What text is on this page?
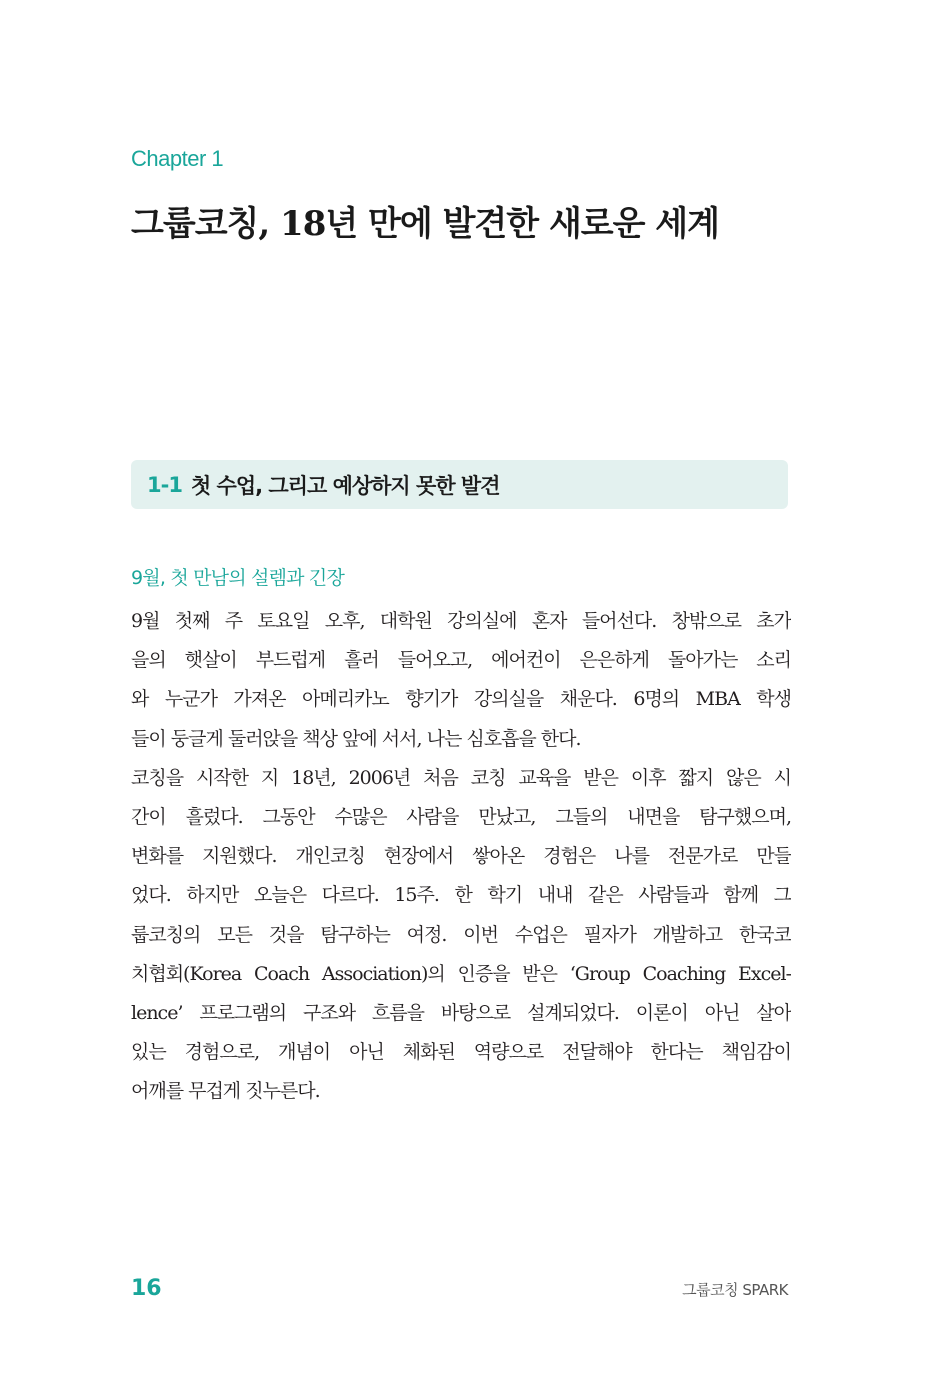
Chapter 1
그룹코칭, 18년 만에 발견한 새로운 세계
1-1 첫 수업, 그리고 예상하지 못한 발견
9월, 첫 만남의 설렘과 긴장
9월 첫째 주 토요일 오후, 대학원 강의실에 혼자 들어선다. 창밖으로 초가
을의 햇살이 부드럽게 흘러 들어오고, 에어컨이 은은하게 돌아가는 소리
와 누군가 가져온 아메리카노 향기가 강의실을 채운다. 6명의 MBA 학생
들이 둥글게 둘러앉을 책상 앞에 서서, 나는 심호흡을 한다.
코칭을 시작한 지 18년, 2006년 처음 코칭 교육을 받은 이후 짧지 않은 시
간이 흘렀다. 그동안 수많은 사람을 만났고, 그들의 내면을 탐구했으며,
변화를 지원했다. 개인코칭 현장에서 쌓아온 경험은 나를 전문가로 만들
었다. 하지만 오늘은 다르다. 15주. 한 학기 내내 같은 사람들과 함께 그
룹코칭의 모든 것을 탐구하는 여정. 이번 수업은 필자가 개발하고 한국코
치협회(Korea Coach Association)의 인증을 받은 ‘Group Coaching Excel-
lence’ 프로그램의 구조와 흐름을 바탕으로 설계되었다. 이론이 아닌 살아
있는 경험으로, 개념이 아닌 체화된 역량으로 전달해야 한다는 책임감이
어깨를 무겁게 짓누른다.
16	그룹코칭 SPARK
